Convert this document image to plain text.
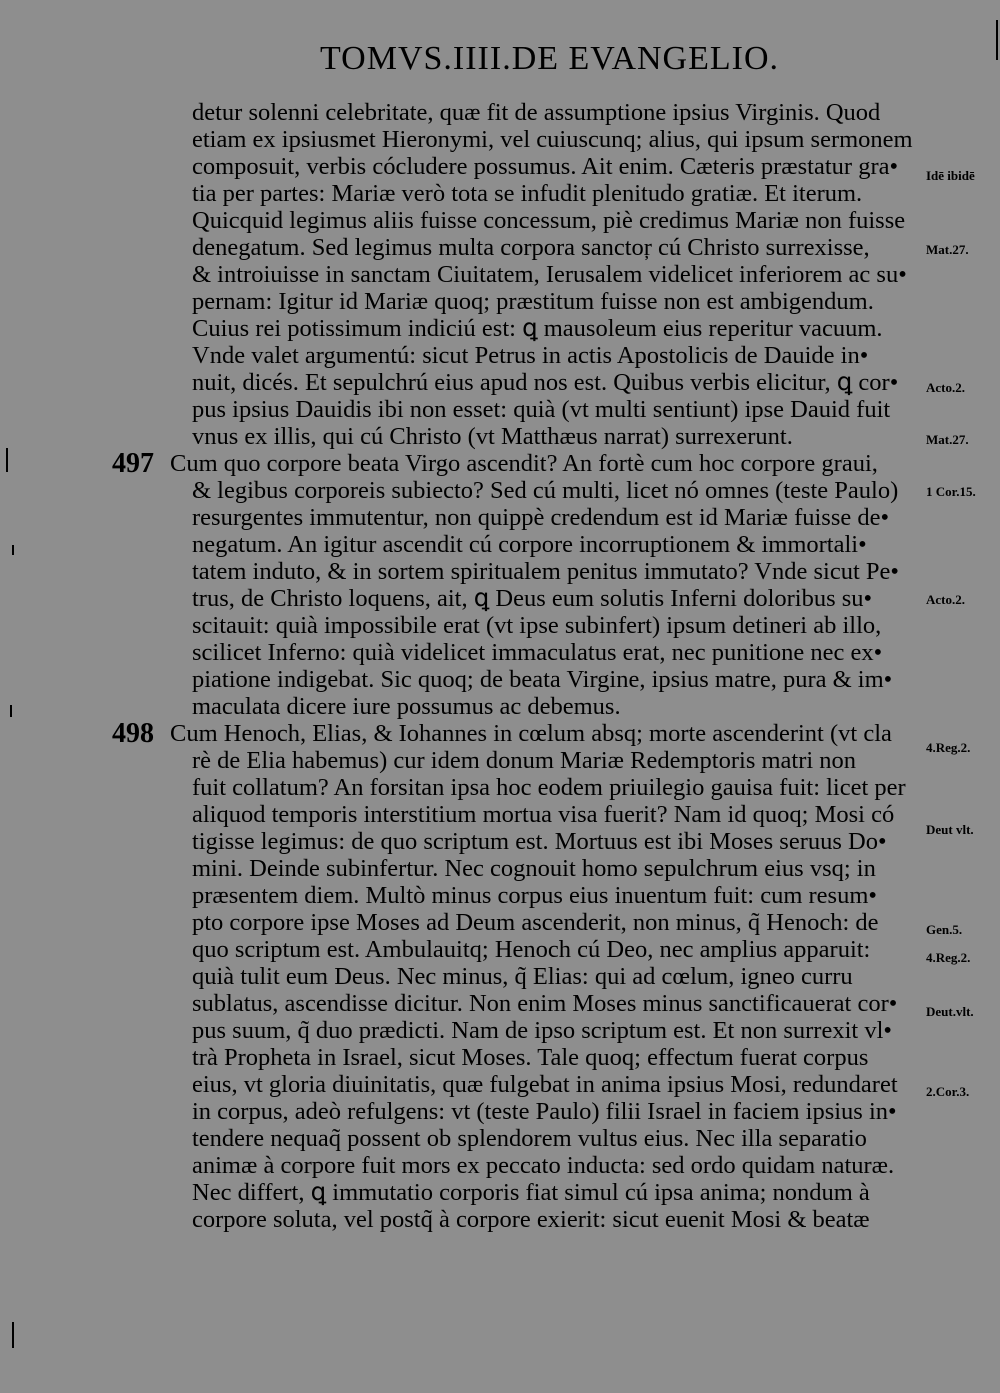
TOMVS.IIII.DE EVANGELIO.
detur solenni celebritate, quæ fit de assumptione ipsius Virginis. Quod
etiam ex ipsiusmet Hieronymi, vel cuiuscunq; alius, qui ipsum sermonem
composuit, verbis cócludere possumus. Ait enim. Cæteris præstatur gra•
tia per partes: Mariæ verò tota se infudit plenitudo gratiæ. Et iterum.
Quicquid legimus aliis fuisse concessum, piè credimus Mariæ non fuisse
denegatum. Sed legimus multa corpora sanctoŗ cú Christo surrexisse,
& introiuisse in sanctam Ciuitatem, Ierusalem videlicet inferiorem ac su•
pernam: Igitur id Mariæ quoq; præstitum fuisse non est ambigendum.
Cuius rei potissimum indiciú est: ꝗ mausoleum eius reperitur vacuum.
Vnde valet argumentú: sicut Petrus in actis Apostolicis de Dauide in•
nuit, dicés. Et sepulchrú eius apud nos est. Quibus verbis elicitur, ꝗ cor•
pus ipsius Dauidis ibi non esset: quià (vt multi sentiunt) ipse Dauid fuit
vnus ex illis, qui cú Christo (vt Matthæus narrat) surrexerunt.
497 Cum quo corpore beata Virgo ascendit? An fortè cum hoc corpore graui,
& legibus corporeis subiecto? Sed cú multi, licet nó omnes (teste Paulo)
resurgentes immutentur, non quippè credendum est id Mariæ fuisse de•
negatum. An igitur ascendit cú corpore incorruptionem & immortali•
tatem induto, & in sortem spiritualem penitus immutato? Vnde sicut Pe•
trus, de Christo loquens, ait, ꝗ Deus eum solutis Inferni doloribus su•
scitauit: quià impossibile erat (vt ipse subinfert) ipsum detineri ab illo,
scilicet Inferno: quià videlicet immaculatus erat, nec punitione nec ex•
piatione indigebat. Sic quoq; de beata Virgine, ipsius matre, pura & im•
maculata dicere iure possumus ac debemus.
498 Cum Henoch, Elias, & Iohannes in cœlum absq; morte ascenderint (vt cla
rè de Elia habemus) cur idem donum Mariæ Redemptoris matri non
fuit collatum? An forsitan ipsa hoc eodem priuilegio gauisa fuit: licet per
aliquod temporis interstitium mortua visa fuerit? Nam id quoq; Mosi có
tigisse legimus: de quo scriptum est. Mortuus est ibi Moses seruus Do•
mini. Deinde subinfertur. Nec cognouit homo sepulchrum eius vsq; in
præsentem diem. Multò minus corpus eius inuentum fuit: cum resum•
pto corpore ipse Moses ad Deum ascenderit, non minus, q̃ Henoch: de
quo scriptum est. Ambulauitq; Henoch cú Deo, nec amplius apparuit:
quià tulit eum Deus. Nec minus, q̃ Elias: qui ad cœlum, igneo curru
sublatus, ascendisse dicitur. Non enim Moses minus sanctificauerat cor•
pus suum, q̃ duo prædicti. Nam de ipso scriptum est. Et non surrexit vl•
trà Propheta in Israel, sicut Moses. Tale quoq; effectum fuerat corpus
eius, vt gloria diuinitatis, quæ fulgebat in anima ipsius Mosi, redundaret
in corpus, adeò refulgens: vt (teste Paulo) filii Israel in faciem ipsius in•
tendere nequaq̃ possent ob splendorem vultus eius. Nec illa separatio
animæ à corpore fuit mors ex peccato inducta: sed ordo quidam naturæ.
Nec differt, ꝗ immutatio corporis fiat simul cú ipsa anima; nondum à
corpore soluta, vel postq̃ à corpore exierit: sicut euenit Mosi & beatæ
Idē ibidē
Mat.27.
Acto.2.
Mat.27.
1 Cor.15.
Acto.2.
4.Reg.2.
Deut vlt.
Gen.5.
4.Reg.2.
Deut.vlt.
2.Cor.3.
